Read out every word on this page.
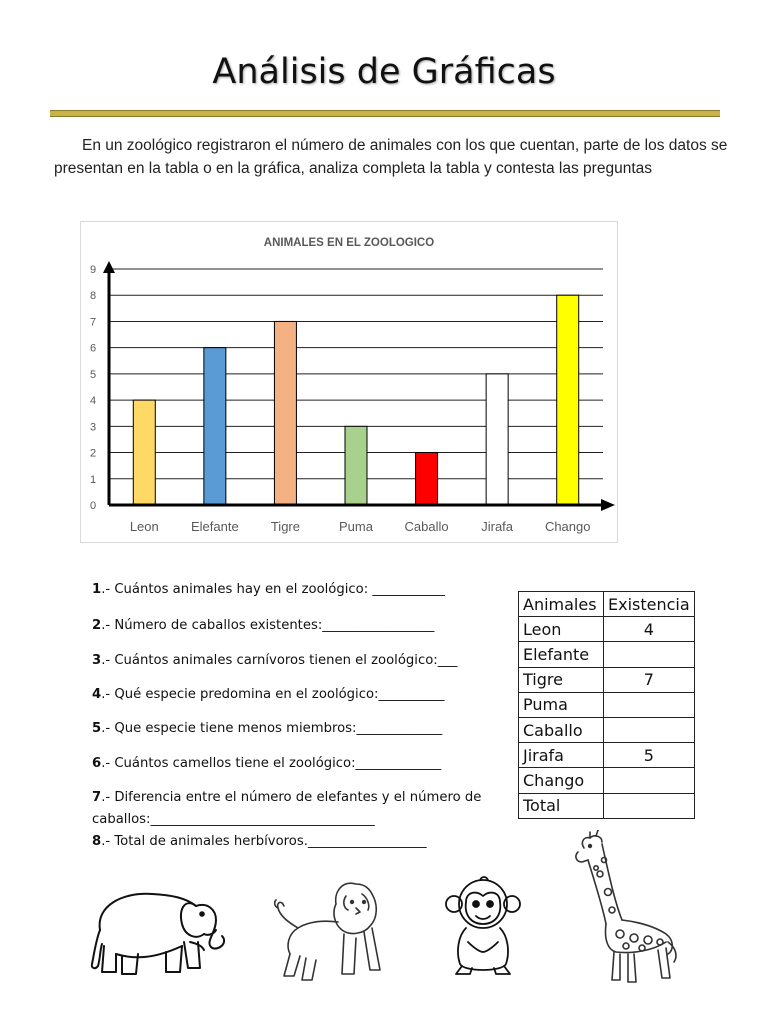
Análisis de Gráficas
En un zoológico registraron el número de animales con los que cuentan, parte de los datos se presentan en la tabla o en la gráfica, analiza completa la tabla y contesta las preguntas
ANIMALES EN EL ZOOLOGICO
0
1
2
3
4
5
6
7
8
9
Leon Elefante Tigre	Puma Caballo	Jirafa Chango
1.- Cuántos animales hay en el zoológico: ___________
2.- Número de caballos existentes:_________________
3.- Cuántos animales carnívoros tienen el zoológico:___
4.- Qué especie predomina en el zoológico:__________
5.- Que especie tiene menos miembros:_____________
6.- Cuántos camellos tiene el zoológico:_____________
7.- Diferencia entre el número de elefantes y el número de caballos:__________________________________
8.- Total de animales herbívoros.__________________
Animales	Existencia
Leon	4
Elefante	
Tigre	7
Puma	
Caballo	
Jirafa	5
Chango	
Total	
